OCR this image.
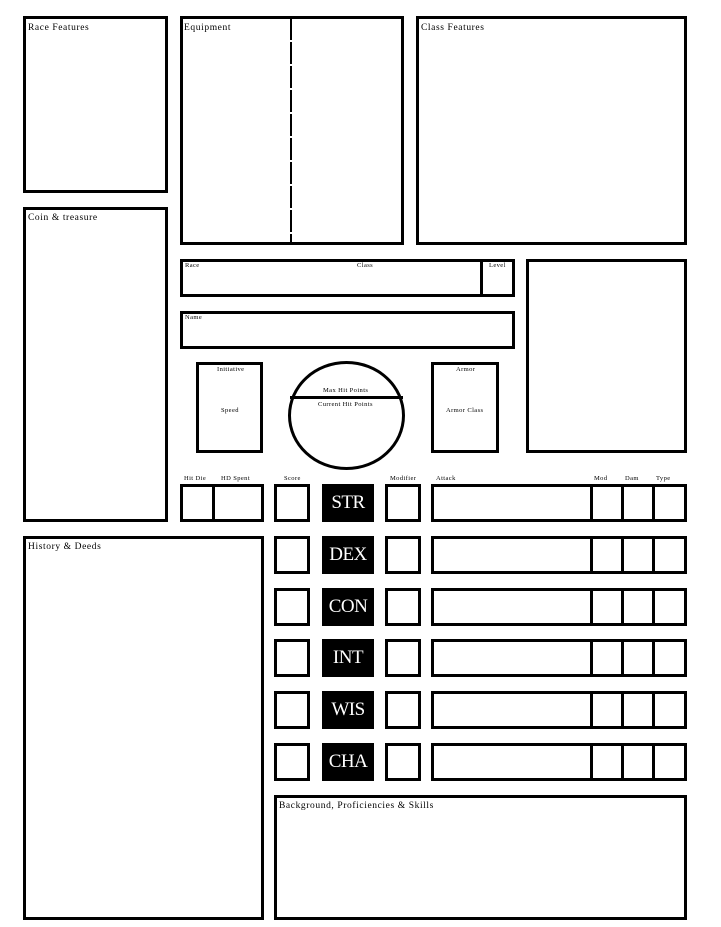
Race Features	Equipment	Class Features
Coin & treasure
Race	Class	Level
Name
Initiative
Speed
Max Hit Points
Current Hit Points
Armor
Armor Class
Hit Die HD Spent	Score	Modifier	Attack	Mod	Dam	Type
STR
DEX
CON
INT
WIS
CHA
History & Deeds
Background, Proficiencies & Skills
